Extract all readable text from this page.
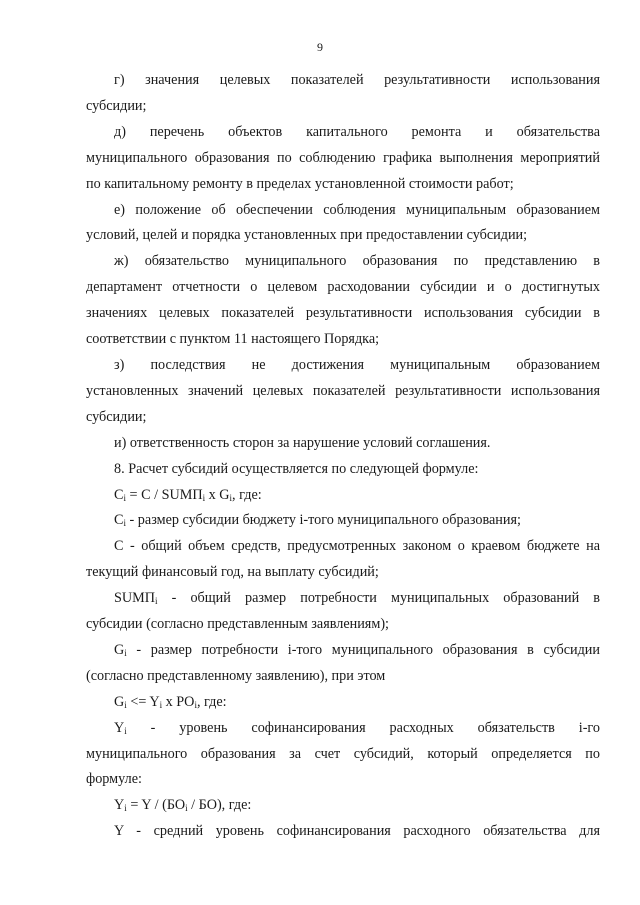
9
г) значения целевых показателей результативности использования
субсидии;
д) перечень объектов капитального ремонта и обязательства
муниципального образования по соблюдению графика выполнения мероприятий
по капитальному ремонту в пределах установленной стоимости работ;
е) положение об обеспечении соблюдения муниципальным образованием
условий, целей и порядка установленных при предоставлении субсидии;
ж) обязательство муниципального образования по представлению в
департамент отчетности о целевом расходовании субсидии и о достигнутых
значениях целевых показателей результативности использования субсидии в
соответствии с пунктом 11 настоящего Порядка;
з) последствия не достижения муниципальным образованием
установленных значений целевых показателей результативности использования
субсидии;
и) ответственность сторон за нарушение условий соглашения.
8. Расчет субсидий осуществляется по следующей формуле:
$C_i = C$ / $SUMП_i$ x $G_i$, где:
$C_i$ - размер субсидии бюджету i-того муниципального образования;
С - общий объем средств, предусмотренных законом о краевом бюджете на
текущий финансовый год, на выплату субсидий;
$SUMП_i$ - общий размер потребности муниципальных образований в
субсидии (согласно представленным заявлениям);
$G_i$ - размер потребности i-того муниципального образования в субсидии
(согласно представленному заявлению), при этом
$G_i <= Y_i$ x $PO_i$, где:
$Y_i$ - уровень софинансирования расходных обязательств i-го
муниципального образования за счет субсидий, который определяется по
формуле:
$Y_i = Y / (БО_i / БО)$, где:
Y - средний уровень софинансирования расходного обязательства для
